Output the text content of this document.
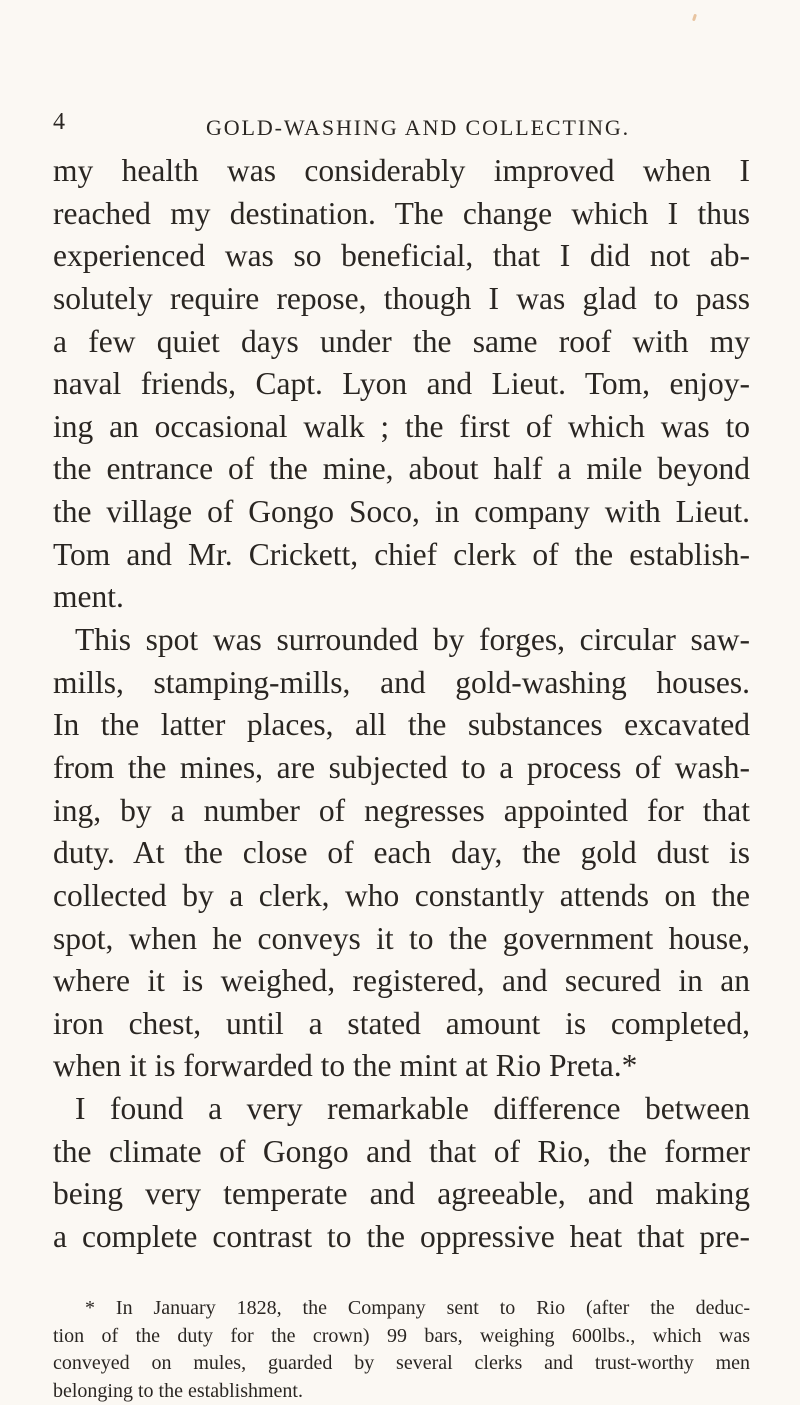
4	GOLD-WASHING AND COLLECTING.
my health was considerably improved when I
reached my destination. The change which I thus
experienced was so beneficial, that I did not ab-
solutely require repose, though I was glad to pass
a few quiet days under the same roof with my
naval friends, Capt. Lyon and Lieut. Tom, enjoy-
ing an occasional walk ; the first of which was to
the entrance of the mine, about half a mile beyond
the village of Gongo Soco, in company with Lieut.
Tom and Mr. Crickett, chief clerk of the establish-
ment.
This spot was surrounded by forges, circular saw-
mills, stamping-mills, and gold-washing houses.
In the latter places, all the substances excavated
from the mines, are subjected to a process of wash-
ing, by a number of negresses appointed for that
duty. At the close of each day, the gold dust is
collected by a clerk, who constantly attends on the
spot, when he conveys it to the government house,
where it is weighed, registered, and secured in an
iron chest, until a stated amount is completed,
when it is forwarded to the mint at Rio Preta.*
I found a very remarkable difference between
the climate of Gongo and that of Rio, the former
being very temperate and agreeable, and making
a complete contrast to the oppressive heat that pre-
* In January 1828, the Company sent to Rio (after the deduc-
tion of the duty for the crown) 99 bars, weighing 600lbs., which was
conveyed on mules, guarded by several clerks and trust-worthy men
belonging to the establishment.
